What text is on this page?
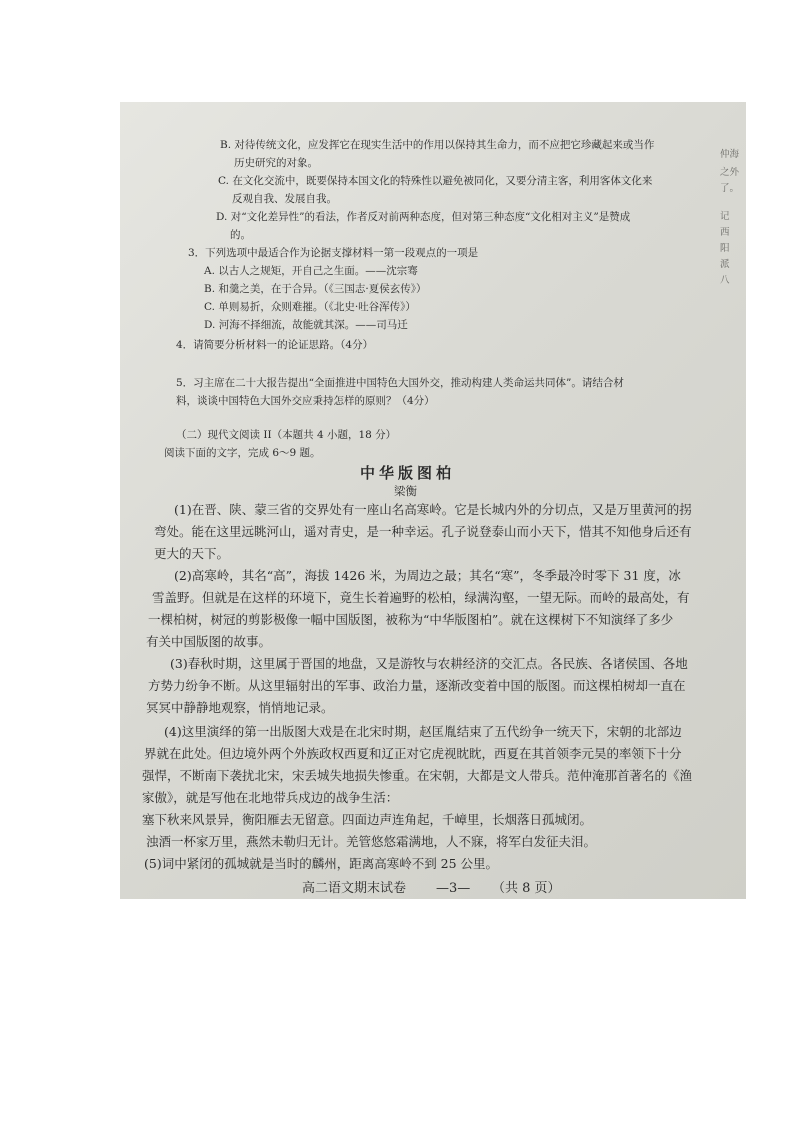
仲海
之外
了。
记
西
阳
派
八
B. 对待传统文化，应发挥它在现实生活中的作用以保持其生命力，而不应把它珍藏起来或当作
历史研究的对象。
C. 在文化交流中，既要保持本国文化的特殊性以避免被同化，又要分清主客，利用客体文化来
反观自我、发展自我。
D. 对“文化差异性”的看法，作者反对前两种态度，但对第三种态度“文化相对主义”是赞成
的。
3．下列选项中最适合作为论据支撑材料一第一段观点的一项是
A. 以古人之规矩，开自己之生面。——沈宗骞
B. 和羹之美，在于合异。（《三国志·夏侯玄传》）
C. 单则易折，众则难摧。（《北史·吐谷浑传》）
D. 河海不择细流，故能就其深。——司马迁
4．请简要分析材料一的论证思路。（4分）
5．习主席在二十大报告提出“全面推进中国特色大国外交，推动构建人类命运共同体”。请结合材
料，谈谈中国特色大国外交应秉持怎样的原则？（4分）
（二）现代文阅读 II（本题共 4 小题，18 分）
阅读下面的文字，完成 6～9 题。
中华版图柏
梁衡
(1)在晋、陕、蒙三省的交界处有一座山名高寒岭。它是长城内外的分切点，又是万里黄河的拐
弯处。能在这里远眺河山，遥对青史，是一种幸运。孔子说登泰山而小天下，惜其不知他身后还有
更大的天下。
(2)高寒岭，其名“高”，海拔 1426 米，为周边之最；其名“寒”，冬季最冷时零下 31 度，冰
雪盖野。但就是在这样的环境下，竟生长着遍野的松柏，绿满沟壑，一望无际。而岭的最高处，有
一棵柏树，树冠的剪影极像一幅中国版图，被称为“中华版图柏”。就在这棵树下不知演绎了多少
有关中国版图的故事。
(3)春秋时期，这里属于晋国的地盘，又是游牧与农耕经济的交汇点。各民族、各诸侯国、各地
方势力纷争不断。从这里辐射出的军事、政治力量，逐渐改变着中国的版图。而这棵柏树却一直在
冥冥中静静地观察，悄悄地记录。
(4)这里演绎的第一出版图大戏是在北宋时期，赵匡胤结束了五代纷争一统天下，宋朝的北部边
界就在此处。但边境外两个外族政权西夏和辽正对它虎视眈眈，西夏在其首领李元昊的率领下十分
强悍，不断南下袭扰北宋，宋丢城失地损失惨重。在宋朝，大都是文人带兵。范仲淹那首著名的《渔
家傲》，就是写他在北地带兵戍边的战争生活：
塞下秋来风景异，衡阳雁去无留意。四面边声连角起，千嶂里，长烟落日孤城闭。
浊酒一杯家万里，燕然未勒归无计。羌管悠悠霜满地，人不寐，将军白发征夫泪。
(5)词中紧闭的孤城就是当时的麟州，距离高寒岭不到 25 公里。
高二语文期末试卷 —3— （共 8 页）
